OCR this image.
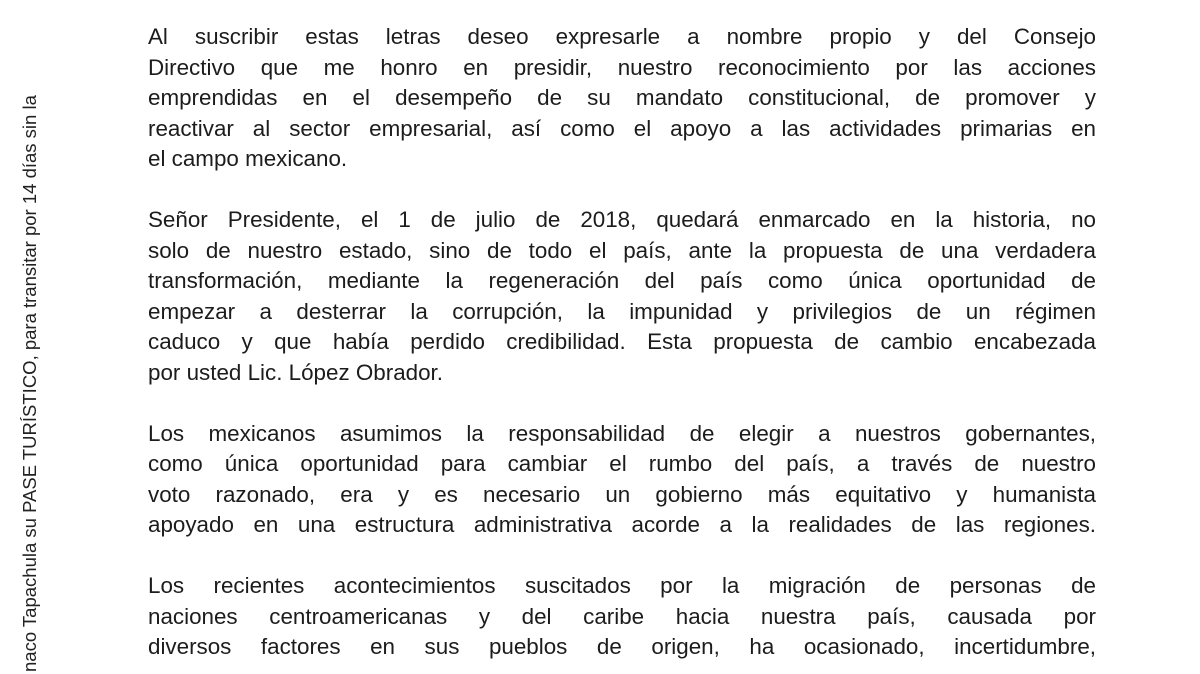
naco Tapachula su PASE TURÍSTICO, para transitar por 14 días sin la

Al suscribir estas letras deseo expresarle a nombre propio y del Consejo
Directivo que me honro en presidir, nuestro reconocimiento por las acciones
emprendidas en el desempeño de su mandato constitucional, de promover y
reactivar al sector empresarial, así como el apoyo a las actividades primarias en
el campo mexicano.

Señor Presidente, el 1 de julio de 2018, quedará enmarcado en la historia, no
solo de nuestro estado, sino de todo el país, ante la propuesta de una verdadera
transformación, mediante la regeneración del país como única oportunidad de
empezar a desterrar la corrupción, la impunidad y privilegios de un régimen
caduco y que había perdido credibilidad. Esta propuesta de cambio encabezada
por usted Lic. López Obrador.

Los mexicanos asumimos la responsabilidad de elegir a nuestros gobernantes,
como única oportunidad para cambiar el rumbo del país, a través de nuestro
voto razonado, era y es necesario un gobierno más equitativo y humanista
apoyado en una estructura administrativa acorde a la realidades de las regiones.

Los recientes acontecimientos suscitados por la migración de personas de
naciones centroamericanas y del caribe hacia nuestra país, causada por
diversos factores en sus pueblos de origen, ha ocasionado, incertidumbre,
